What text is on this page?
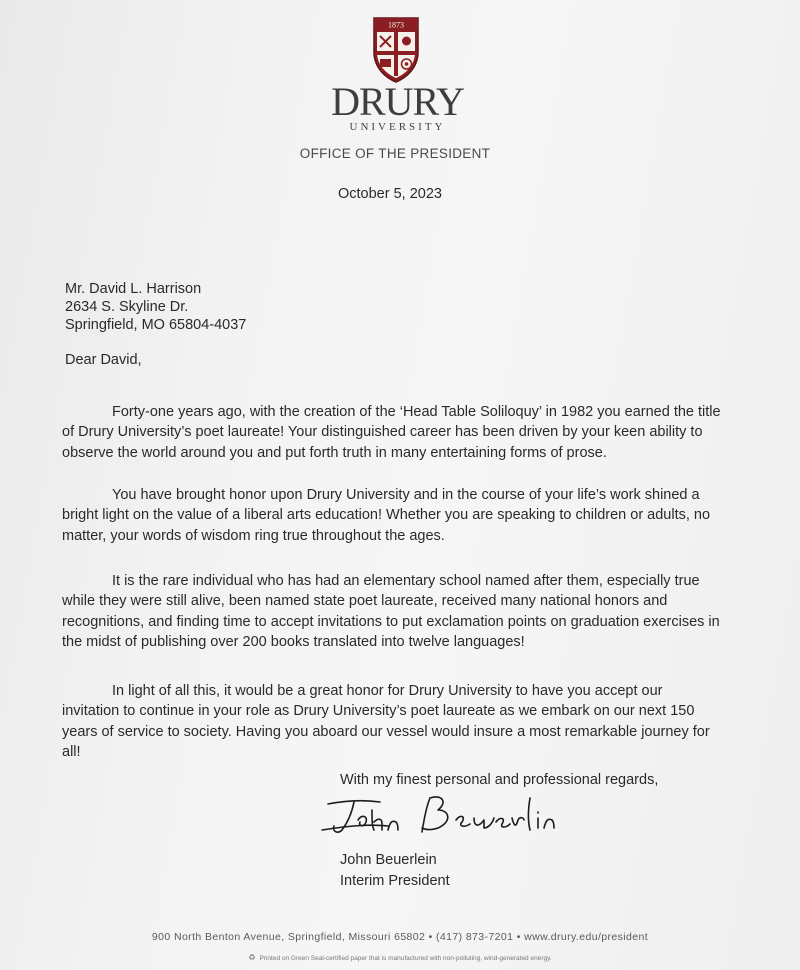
1873
DRURY
UNIVERSITY
OFFICE OF THE PRESIDENT
October 5, 2023
Mr. David L. Harrison
2634 S. Skyline Dr.
Springfield, MO 65804-4037
Dear David,

Forty-one years ago, with the creation of the ‘Head Table Soliloquy’ in 1982 you earned the title of Drury University’s poet laureate! Your distinguished career has been driven by your keen ability to observe the world around you and put forth truth in many entertaining forms of prose.

You have brought honor upon Drury University and in the course of your life’s work shined a bright light on the value of a liberal arts education! Whether you are speaking to children or adults, no matter, your words of wisdom ring true throughout the ages.

It is the rare individual who has had an elementary school named after them, especially true while they were still alive, been named state poet laureate, received many national honors and recognitions, and finding time to accept invitations to put exclamation points on graduation exercises in the midst of publishing over 200 books translated into twelve languages!

In light of all this, it would be a great honor for Drury University to have you accept our invitation to continue in your role as Drury University’s poet laureate as we embark on our next 150 years of service to society. Having you aboard our vessel would insure a most remarkable journey for all!

With my finest personal and professional regards,
John Beuerlein
Interim President
900 North Benton Avenue, Springfield, Missouri 65802 • (417) 873-7201 • www.drury.edu/president
♻ Printed on Green Seal-certified paper that is manufactured with non-polluting, wind-generated energy.
